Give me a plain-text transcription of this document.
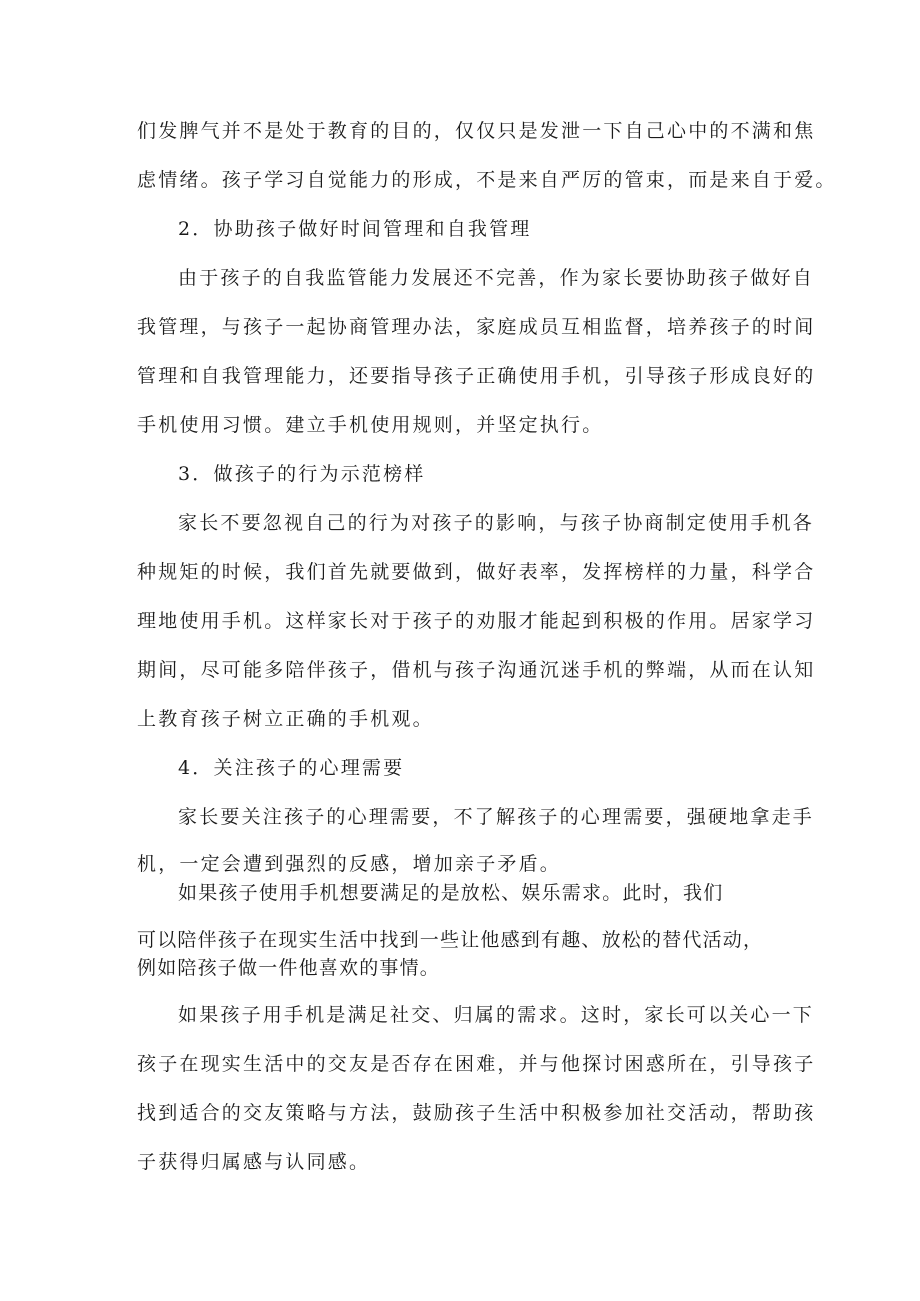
们发脾气并不是处于教育的目的，仅仅只是发泄一下自己心中的不满和焦
虑情绪。孩子学习自觉能力的形成，不是来自严厉的管束，而是来自于爱。
2．协助孩子做好时间管理和自我管理
由于孩子的自我监管能力发展还不完善，作为家长要协助孩子做好自
我管理，与孩子一起协商管理办法，家庭成员互相监督，培养孩子的时间
管理和自我管理能力，还要指导孩子正确使用手机，引导孩子形成良好的
手机使用习惯。建立手机使用规则，并坚定执行。
3．做孩子的行为示范榜样
家长不要忽视自己的行为对孩子的影响，与孩子协商制定使用手机各
种规矩的时候，我们首先就要做到，做好表率，发挥榜样的力量，科学合
理地使用手机。这样家长对于孩子的劝服才能起到积极的作用。居家学习
期间，尽可能多陪伴孩子，借机与孩子沟通沉迷手机的弊端，从而在认知
上教育孩子树立正确的手机观。
4．关注孩子的心理需要
家长要关注孩子的心理需要，不了解孩子的心理需要，强硬地拿走手
机，一定会遭到强烈的反感，增加亲子矛盾。
如果孩子使用手机想要满足的是放松、娱乐需求。此时，我们
可以陪伴孩子在现实生活中找到一些让他感到有趣、放松的替代活动，
例如陪孩子做一件他喜欢的事情。
如果孩子用手机是满足社交、归属的需求。这时，家长可以关心一下
孩子在现实生活中的交友是否存在困难，并与他探讨困惑所在，引导孩子
找到适合的交友策略与方法，鼓励孩子生活中积极参加社交活动，帮助孩
子获得归属感与认同感。
